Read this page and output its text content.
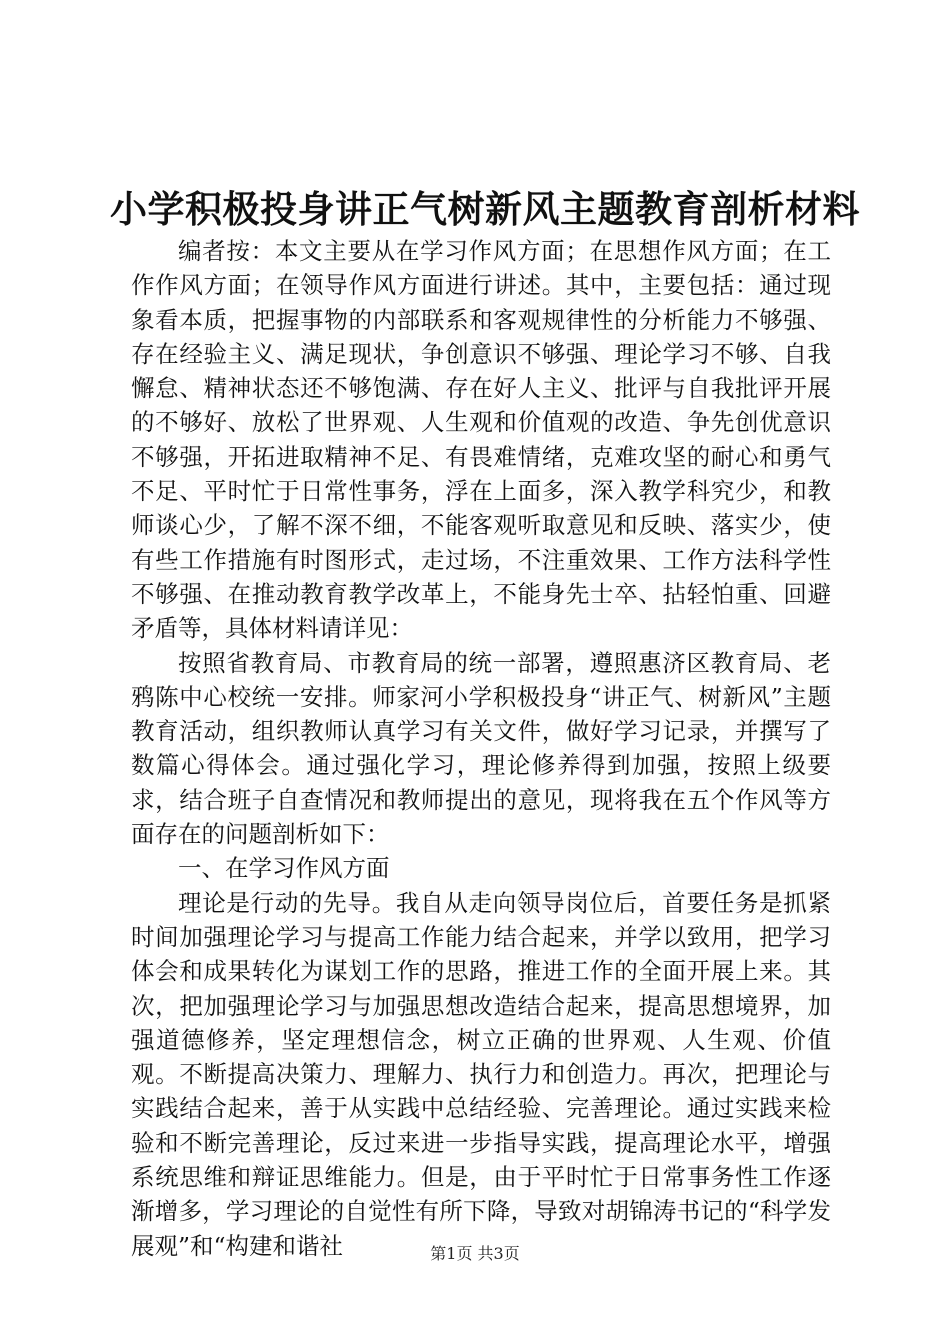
小学积极投身讲正气树新风主题教育剖析材料

编者按：本文主要从在学习作风方面；在思想作风方面；在工作作风方面；在领导作风方面进行讲述。其中，主要包括：通过现象看本质，把握事物的内部联系和客观规律性的分析能力不够强、存在经验主义、满足现状，争创意识不够强、理论学习不够、自我懈怠、精神状态还不够饱满、存在好人主义、批评与自我批评开展的不够好、放松了世界观、人生观和价值观的改造、争先创优意识不够强，开拓进取精神不足、有畏难情绪，克难攻坚的耐心和勇气不足、平时忙于日常性事务，浮在上面多，深入教学科究少，和教师谈心少，了解不深不细，不能客观听取意见和反映、落实少，使有些工作措施有时图形式，走过场，不注重效果、工作方法科学性不够强、在推动教育教学改革上，不能身先士卒、拈轻怕重、回避矛盾等，具体材料请详见：

按照省教育局、市教育局的统一部署，遵照惠济区教育局、老鸦陈中心校统一安排。师家河小学积极投身“讲正气、树新风”主题教育活动，组织教师认真学习有关文件，做好学习记录，并撰写了数篇心得体会。通过强化学习，理论修养得到加强，按照上级要求，结合班子自查情况和教师提出的意见，现将我在五个作风等方面存在的问题剖析如下：

一、在学习作风方面

理论是行动的先导。我自从走向领导岗位后，首要任务是抓紧时间加强理论学习与提高工作能力结合起来，并学以致用，把学习体会和成果转化为谋划工作的思路，推进工作的全面开展上来。其次，把加强理论学习与加强思想改造结合起来，提高思想境界，加强道德修养，坚定理想信念，树立正确的世界观、人生观、价值观。不断提高决策力、理解力、执行力和创造力。再次，把理论与实践结合起来，善于从实践中总结经验、完善理论。通过实践来检验和不断完善理论，反过来进一步指导实践，提高理论水平，增强系统思维和辩证思维能力。但是，由于平时忙于日常事务性工作逐渐增多，学习理论的自觉性有所下降，导致对胡锦涛书记的“科学发展观”和“构建和谐社	第1页 共3页
